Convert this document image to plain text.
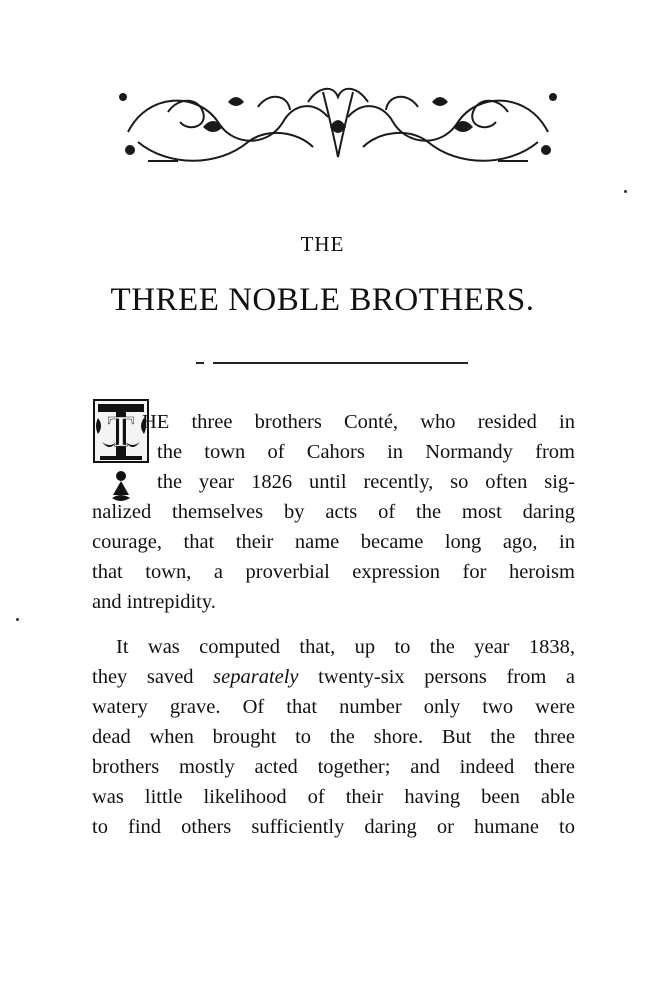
THE
THREE NOBLE BROTHERS.
T HE three brothers Conté, who resided in
the town of Cahors in Normandy from
the year 1826 until recently, so often sig-
nalized themselves by acts of the most daring
courage, that their name became long ago, in
that town, a proverbial expression for heroism
and intrepidity.
It was computed that, up to the year 1838,
they saved separately twenty-six persons from a
watery grave. Of that number only two were
dead when brought to the shore. But the three
brothers mostly acted together; and indeed there
was little likelihood of their having been able
to find others sufficiently daring or humane to
